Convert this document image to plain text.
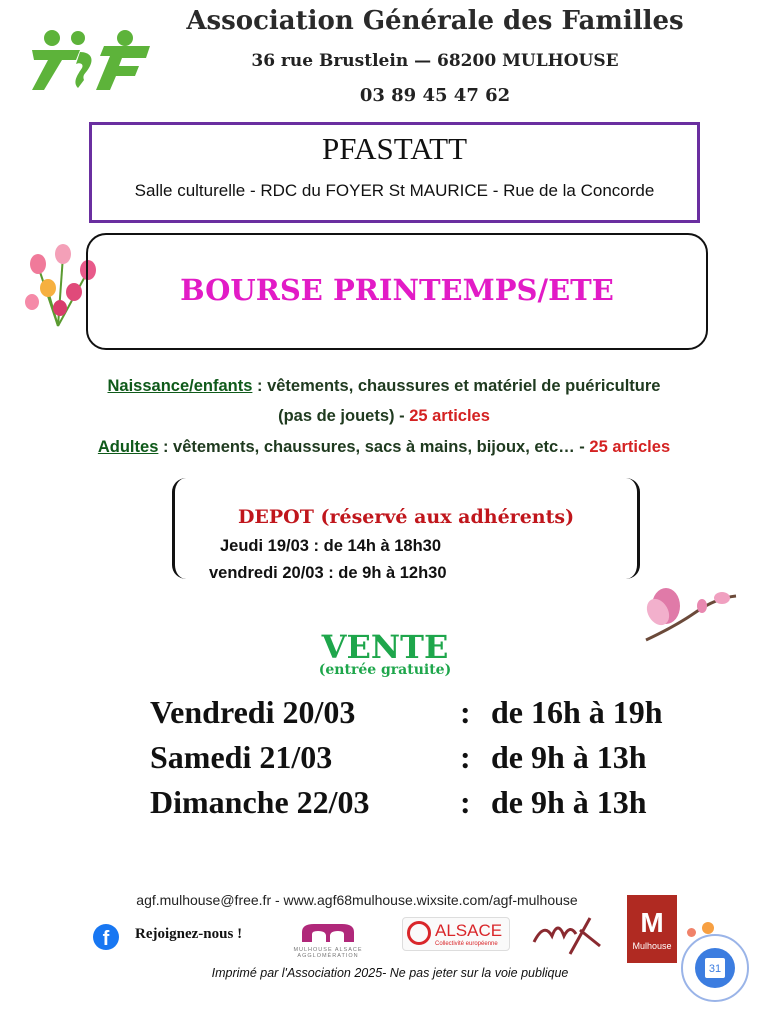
Association Générale des Familles
36 rue Brustlein — 68200 MULHOUSE
03 89 45 47 62
PFASTATT
Salle culturelle - RDC du FOYER St MAURICE - Rue de la Concorde
BOURSE PRINTEMPS/ETE
Naissance/enfants : vêtements, chaussures et matériel de puériculture
(pas de jouets) - 25 articles
Adultes : vêtements, chaussures, sacs à mains, bijoux, etc… - 25 articles
DEPOT (réservé aux adhérents)
Jeudi 19/03 : de 14h à 18h30
vendredi 20/03 : de 9h à 12h30
VENTE
(entrée gratuite)
Vendredi 20/03	: de 16h à 19h
Samedi 21/03	: de 9h à 13h
Dimanche 22/03	: de 9h à 13h
agf.mulhouse@free.fr - www.agf68mulhouse.wixsite.com/agf-mulhouse
f	Rejoignez-nous !
MULHOUSE ALSACE
AGGLOMÉRATION
ALSACE
Collectivité européenne
M
Mulhouse
31
Imprimé par l'Association 2025- Ne pas jeter sur la voie publique
